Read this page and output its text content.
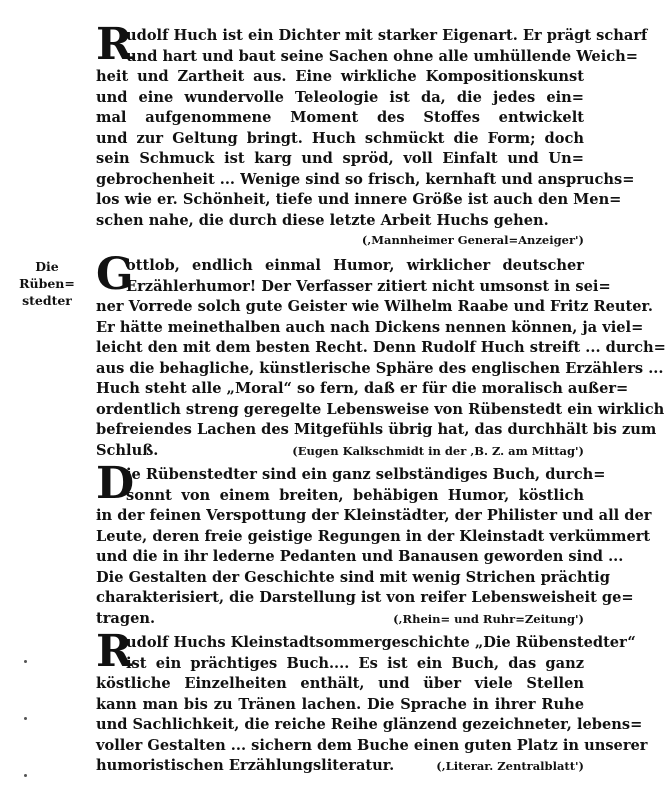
Die Rüben=
stedter
R
udolf Huch ist ein Dichter mit starker Eigenart. Er prägt scharf
und hart und baut seine Sachen ohne alle umhüllende Weich=
heit und Zartheit aus. Eine wirkliche Kompositionskunst
und eine wundervolle Teleologie ist da, die jedes ein=
mal aufgenommene Moment des Stoffes entwickelt
und zur Geltung bringt. Huch schmückt die Form; doch
sein Schmuck ist karg und spröd, voll Einfalt und Un=
gebrochenheit ... Wenige sind so frisch, kernhaft und anspruchs=
los wie er. Schönheit, tiefe und innere Größe ist auch den Men=
schen nahe, die durch diese letzte Arbeit Huchs gehen.
(‚Mannheimer General=Anzeiger')
G
ottlob, endlich einmal Humor, wirklicher deutscher
Erzählerhumor! Der Verfasser zitiert nicht umsonst in sei=
ner Vorrede solch gute Geister wie Wilhelm Raabe und Fritz Reuter.
Er hätte meinethalben auch nach Dickens nennen können, ja viel=
leicht den mit dem besten Recht. Denn Rudolf Huch streift ... durch=
aus die behagliche, künstlerische Sphäre des englischen Erzählers ...
Huch steht alle „Moral“ so fern, daß er für die moralisch außer=
ordentlich streng geregelte Lebensweise von Rübenstedt ein wirklich
befreiendes Lachen des Mitgefühls übrig hat, das durchhält bis zum
Schluß.	(Eugen Kalkschmidt in der ‚B. Z. am Mittag')
D
ie Rübenstedter sind ein ganz selbständiges Buch, durch=
sonnt von einem breiten, behäbigen Humor, köstlich
in der feinen Verspottung der Kleinstädter, der Philister und all der
Leute, deren freie geistige Regungen in der Kleinstadt verkümmert
und die in ihr lederne Pedanten und Banausen geworden sind ...
Die Gestalten der Geschichte sind mit wenig Strichen prächtig
charakterisiert, die Darstellung ist von reifer Lebensweisheit ge=
tragen.	(‚Rhein= und Ruhr=Zeitung')
R
udolf Huchs Kleinstadtsommergeschichte „Die Rübenstedter“
ist ein prächtiges Buch.... Es ist ein Buch, das ganz
köstliche Einzelheiten enthält, und über viele Stellen
kann man bis zu Tränen lachen. Die Sprache in ihrer Ruhe
und Sachlichkeit, die reiche Reihe glänzend gezeichneter, lebens=
voller Gestalten ... sichern dem Buche einen guten Platz in unserer
humoristischen Erzählungsliteratur.	(‚Literar. Zentralblatt')
